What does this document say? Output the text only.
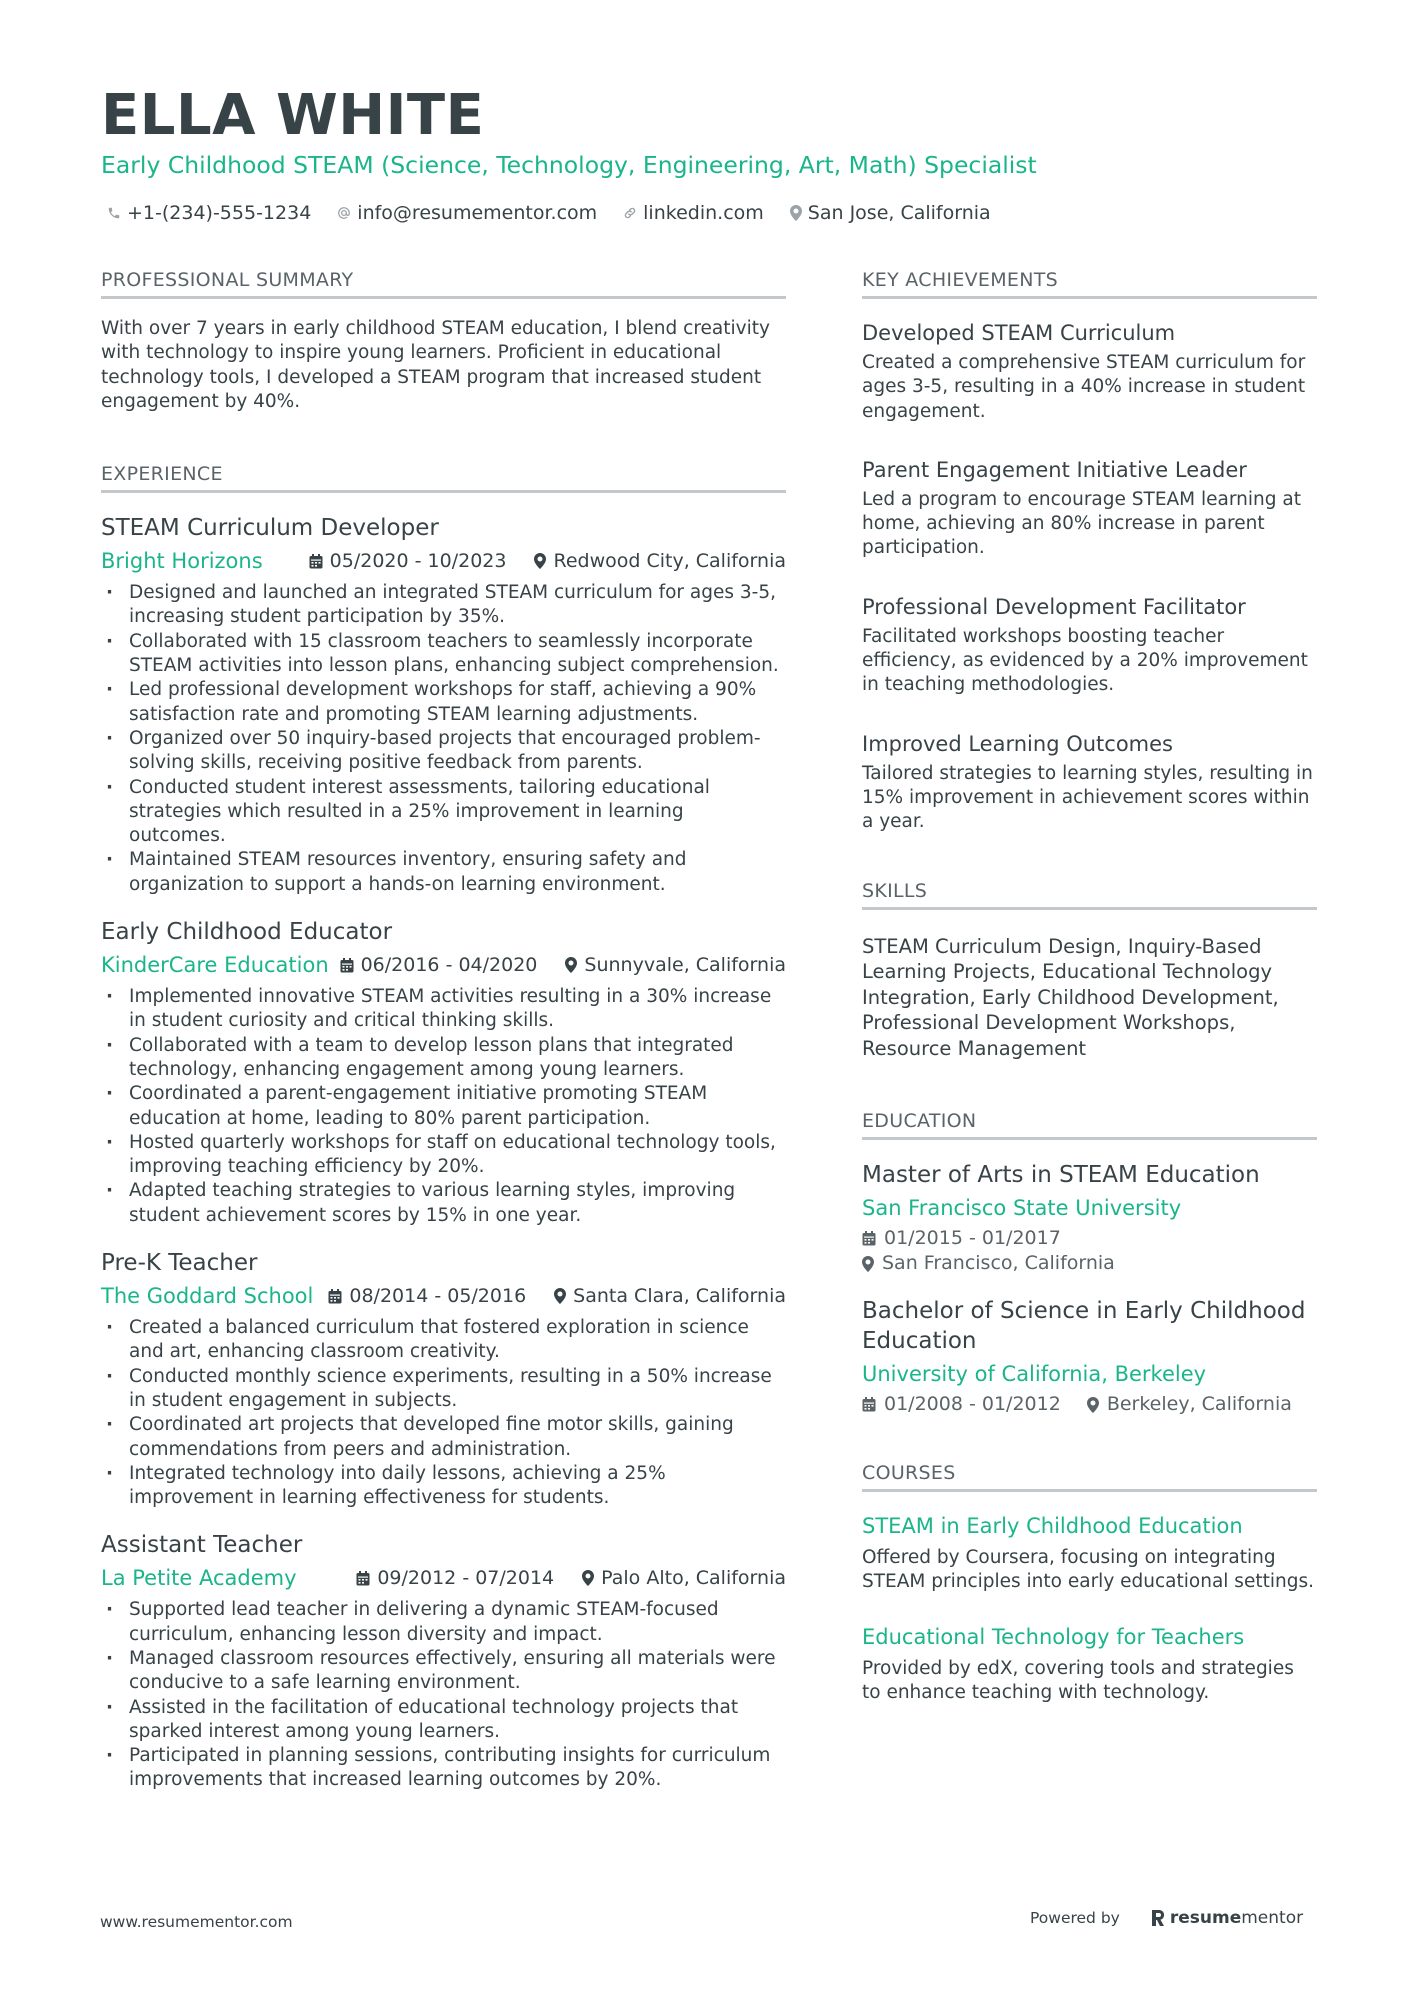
ELLA WHITE
Early Childhood STEAM (Science, Technology, Engineering, Art, Math) Specialist
+1-(234)-555-1234 info@resumementor.com linkedin.com San Jose, California
PROFESSIONAL SUMMARY
With over 7 years in early childhood STEAM education, I blend creativity with technology to inspire young learners. Proficient in educational technology tools, I developed a STEAM program that increased student engagement by 40%.
EXPERIENCE
STEAM Curriculum Developer
Bright Horizons	05/2020 - 10/2023 Redwood City, California
· Designed and launched an integrated STEAM curriculum for ages 3-5, increasing student participation by 35%.
· Collaborated with 15 classroom teachers to seamlessly incorporate STEAM activities into lesson plans, enhancing subject comprehension.
· Led professional development workshops for staff, achieving a 90% satisfaction rate and promoting STEAM learning adjustments.
· Organized over 50 inquiry-based projects that encouraged problem-solving skills, receiving positive feedback from parents.
· Conducted student interest assessments, tailoring educational strategies which resulted in a 25% improvement in learning outcomes.
· Maintained STEAM resources inventory, ensuring safety and organization to support a hands-on learning environment.
Early Childhood Educator
KinderCare Education 06/2016 - 04/2020 Sunnyvale, California
· Implemented innovative STEAM activities resulting in a 30% increase in student curiosity and critical thinking skills.
· Collaborated with a team to develop lesson plans that integrated technology, enhancing engagement among young learners.
· Coordinated a parent-engagement initiative promoting STEAM education at home, leading to 80% parent participation.
· Hosted quarterly workshops for staff on educational technology tools, improving teaching efficiency by 20%.
· Adapted teaching strategies to various learning styles, improving student achievement scores by 15% in one year.
Pre-K Teacher
The Goddard School 08/2014 - 05/2016 Santa Clara, California
· Created a balanced curriculum that fostered exploration in science and art, enhancing classroom creativity.
· Conducted monthly science experiments, resulting in a 50% increase in student engagement in subjects.
· Coordinated art projects that developed fine motor skills, gaining commendations from peers and administration.
· Integrated technology into daily lessons, achieving a 25% improvement in learning effectiveness for students.
Assistant Teacher
La Petite Academy	09/2012 - 07/2014 Palo Alto, California
· Supported lead teacher in delivering a dynamic STEAM-focused curriculum, enhancing lesson diversity and impact.
· Managed classroom resources effectively, ensuring all materials were conducive to a safe learning environment.
· Assisted in the facilitation of educational technology projects that sparked interest among young learners.
· Participated in planning sessions, contributing insights for curriculum improvements that increased learning outcomes by 20%.
KEY ACHIEVEMENTS
Developed STEAM Curriculum
Created a comprehensive STEAM curriculum for ages 3-5, resulting in a 40% increase in student engagement.
Parent Engagement Initiative Leader
Led a program to encourage STEAM learning at home, achieving an 80% increase in parent participation.
Professional Development Facilitator
Facilitated workshops boosting teacher efficiency, as evidenced by a 20% improvement in teaching methodologies.
Improved Learning Outcomes
Tailored strategies to learning styles, resulting in 15% improvement in achievement scores within a year.
SKILLS
STEAM Curriculum Design, Inquiry-Based Learning Projects, Educational Technology Integration, Early Childhood Development, Professional Development Workshops, Resource Management
EDUCATION
Master of Arts in STEAM Education
San Francisco State University
01/2015 - 01/2017
San Francisco, California
Bachelor of Science in Early Childhood Education
University of California, Berkeley
01/2008 - 01/2012 Berkeley, California
COURSES
STEAM in Early Childhood Education
Offered by Coursera, focusing on integrating STEAM principles into early educational settings.
Educational Technology for Teachers
Provided by edX, covering tools and strategies to enhance teaching with technology.
www.resumementor.com	Powered by	resume mentor
